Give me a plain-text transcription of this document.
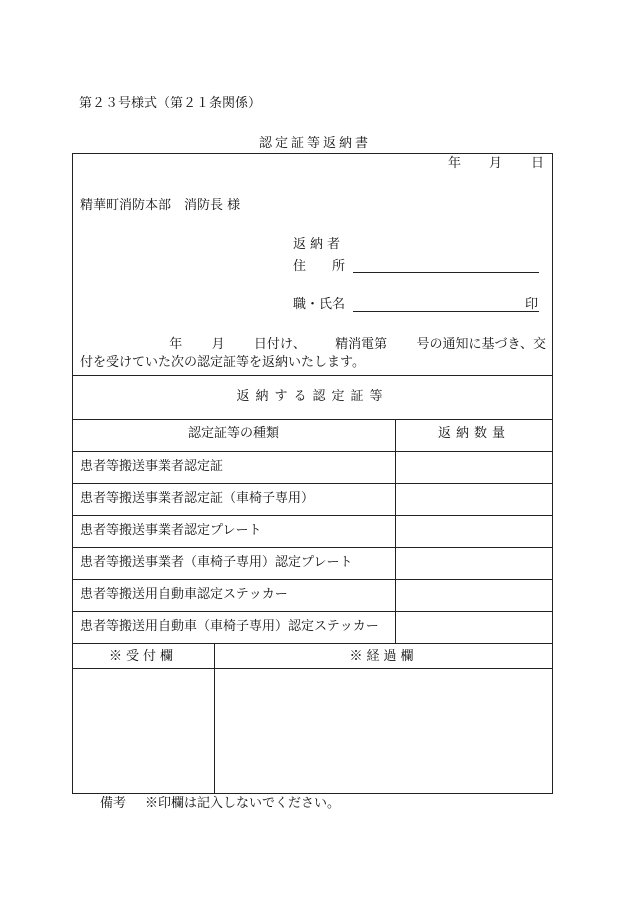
第２３号様式（第２１条関係）
認定証等返納書
年 月 日
精華町消防本部　消防長 様
返納者
住　　所
職・氏名	印
年 月 日付け、 精消電第 号の通知に基づき、交
付を受けていた次の認定証等を返納いたします。
返納する認定証等
認定証等の種類	返納数量
患者等搬送事業者認定証
患者等搬送事業者認定証（車椅子専用）
患者等搬送事業者認定プレート
患者等搬送事業者（車椅子専用）認定プレート
患者等搬送用自動車認定ステッカー
患者等搬送用自動車（車椅子専用）認定ステッカー
※受付欄	※経過欄
備考 ※印欄は記入しないでください。
